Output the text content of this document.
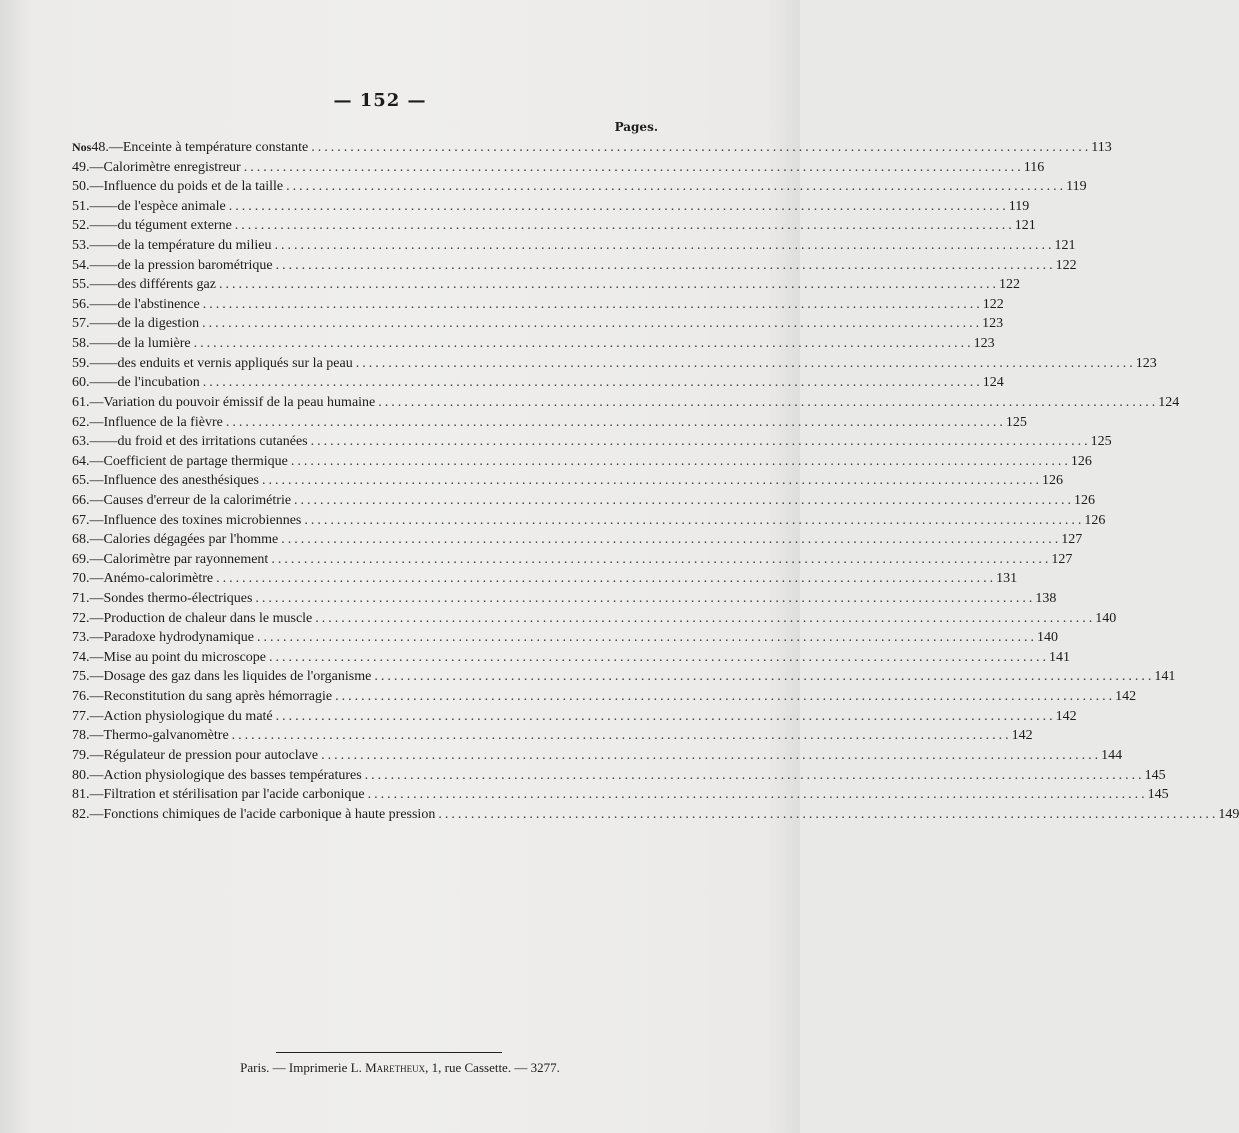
— 152 —
Pages.
Nos 48. — Enceinte à température constante ........................................................................................................................ 113
49. — Calorimètre enregistreur ........................................................................................................................ 116
50. — Influence du poids et de la taille ........................................................................................................................ 119
51. — — de l'espèce animale ........................................................................................................................ 119
52. — — du tégument externe ........................................................................................................................ 121
53. — — de la température du milieu ........................................................................................................................ 121
54. — — de la pression barométrique ........................................................................................................................ 122
55. — — des différents gaz ........................................................................................................................ 122
56. — — de l'abstinence ........................................................................................................................ 122
57. — — de la digestion ........................................................................................................................ 123
58. — — de la lumière ........................................................................................................................ 123
59. — — des enduits et vernis appliqués sur la peau ........................................................................................................................ 123
60. — — de l'incubation ........................................................................................................................ 124
61. — Variation du pouvoir émissif de la peau humaine ........................................................................................................................ 124
62. — Influence de la fièvre ........................................................................................................................ 125
63. — — du froid et des irritations cutanées ........................................................................................................................ 125
64. — Coefficient de partage thermique ........................................................................................................................ 126
65. — Influence des anesthésiques ........................................................................................................................ 126
66. — Causes d'erreur de la calorimétrie ........................................................................................................................ 126
67. — Influence des toxines microbiennes ........................................................................................................................ 126
68. — Calories dégagées par l'homme ........................................................................................................................ 127
69. — Calorimètre par rayonnement ........................................................................................................................ 127
70. — Anémo-calorimètre ........................................................................................................................ 131
71. — Sondes thermo-électriques ........................................................................................................................ 138
72. — Production de chaleur dans le muscle ........................................................................................................................ 140
73. — Paradoxe hydrodynamique ........................................................................................................................ 140
74. — Mise au point du microscope ........................................................................................................................ 141
75. — Dosage des gaz dans les liquides de l'organisme ........................................................................................................................ 141
76. — Reconstitution du sang après hémorragie ........................................................................................................................ 142
77. — Action physiologique du maté ........................................................................................................................ 142
78. — Thermo-galvanomètre ........................................................................................................................ 142
79. — Régulateur de pression pour autoclave ........................................................................................................................ 144
80. — Action physiologique des basses températures ........................................................................................................................ 145
81. — Filtration et stérilisation par l'acide carbonique ........................................................................................................................ 145
82. — Fonctions chimiques de l'acide carbonique à haute pression ........................................................................................................................ 149
Paris. — Imprimerie L. Maretheux, 1, rue Cassette. — 3277.
